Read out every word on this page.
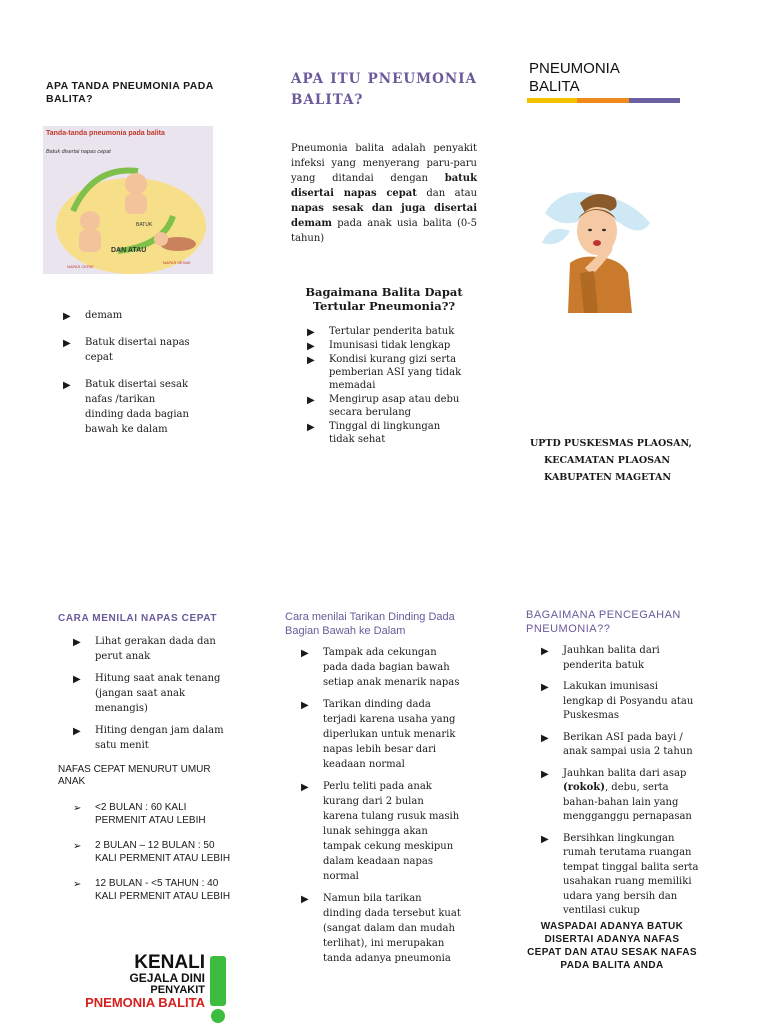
APA TANDA PNEUMONIA PADA BALITA?
Tanda-tanda pneumonia pada balita
Batuk disertai napas cepat
BATUK
DAN ATAU
NAPAS CEPAT
NAPAS SESAK
▶ demam
▶ Batuk disertai napas cepat
▶ Batuk disertai sesak nafas /tarikan dinding dada bagian bawah ke dalam
APA ITU PNEUMONIA
BALITA?
Pneumonia balita adalah penyakit infeksi yang menyerang paru-paru yang ditandai dengan batuk disertai napas cepat dan atau napas sesak dan juga disertai demam pada anak usia balita (0-5 tahun)
Bagaimana Balita Dapat Tertular Pneumonia??
▶ Tertular penderita batuk
▶ Imunisasi tidak lengkap
▶ Kondisi kurang gizi serta pemberian ASI yang tidak memadai
▶ Mengirup asap atau debu secara berulang
▶ Tinggal di lingkungan tidak sehat
PNEUMONIA
BALITA
UPTD PUSKESMAS PLAOSAN,
KECAMATAN PLAOSAN
KABUPATEN MAGETAN
CARA MENILAI NAPAS CEPAT
▶ Lihat gerakan dada dan perut anak
▶ Hitung saat anak tenang (jangan saat anak menangis)
▶ Hiting dengan jam dalam satu menit
NAFAS CEPAT MENURUT UMUR ANAK
➢ <2 BULAN : 60 KALI PERMENIT ATAU LEBIH
➢ 2 BULAN – 12 BULAN : 50 KALI PERMENIT ATAU LEBIH
➢ 12 BULAN - <5 TAHUN : 40 KALI PERMENIT ATAU LEBIH
KENALI
GEJALA DINI
PENYAKIT
PNEMONIA BALITA
Cara menilai Tarikan Dinding Dada Bagian Bawah ke Dalam
▶ Tampak ada cekungan pada dada bagian bawah setiap anak menarik napas
▶ Tarikan dinding dada terjadi karena usaha yang diperlukan untuk menarik napas lebih besar dari keadaan normal
▶ Perlu teliti pada anak kurang dari 2 bulan karena tulang rusuk masih lunak sehingga akan tampak cekung meskipun dalam keadaan napas normal
▶ Namun bila tarikan dinding dada tersebut kuat (sangat dalam dan mudah terlihat), ini merupakan tanda adanya pneumonia
BAGAIMANA PENCEGAHAN PNEUMONIA??
▶ Jauhkan balita dari penderita batuk
▶ Lakukan imunisasi lengkap di Posyandu atau Puskesmas
▶ Berikan ASI pada bayi / anak sampai usia 2 tahun
▶ Jauhkan balita dari asap (rokok), debu, serta bahan-bahan lain yang mengganggu pernapasan
▶ Bersihkan lingkungan rumah terutama ruangan tempat tinggal balita serta usahakan ruang memiliki udara yang bersih dan ventilasi cukup
WASPADAI ADANYA BATUK DISERTAI ADANYA NAFAS CEPAT DAN ATAU SESAK NAFAS PADA BALITA ANDA
